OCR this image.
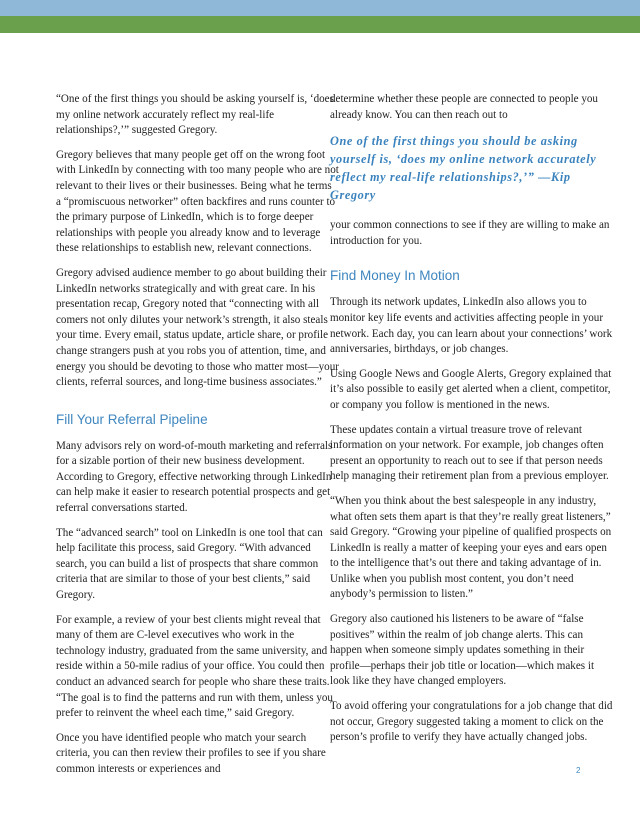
“One of the first things you should be asking yourself is, ‘does my online network accurately reflect my real-life relationships?,’” suggested Gregory.

Gregory believes that many people get off on the wrong foot with LinkedIn by connecting with too many people who are not relevant to their lives or their businesses. Being what he terms a “promiscuous networker” often backfires and runs counter to the primary purpose of LinkedIn, which is to forge deeper relationships with people you already know and to leverage these relationships to establish new, relevant connections.

Gregory advised audience member to go about building their LinkedIn networks strategically and with great care. In his presentation recap, Gregory noted that “connecting with all comers not only dilutes your network’s strength, it also steals your time. Every email, status update, article share, or profile change strangers push at you robs you of attention, time, and energy you should be devoting to those who matter most—your clients, referral sources, and long-time business associates.”

Fill Your Referral Pipeline

Many advisors rely on word-of-mouth marketing and referrals for a sizable portion of their new business development. According to Gregory, effective networking through LinkedIn can help make it easier to research potential prospects and get referral conversations started.

The “advanced search” tool on LinkedIn is one tool that can help facilitate this process, said Gregory. “With advanced search, you can build a list of prospects that share common criteria that are similar to those of your best clients,” said Gregory.

For example, a review of your best clients might reveal that many of them are C-level executives who work in the technology industry, graduated from the same university, and reside within a 50-mile radius of your office. You could then conduct an advanced search for people who share these traits. “The goal is to find the patterns and run with them, unless you prefer to reinvent the wheel each time,” said Gregory.

Once you have identified people who match your search criteria, you can then review their profiles to see if you share common interests or experiences and

determine whether these people are connected to people you already know. You can then reach out to

One of the first things you should be asking yourself is, ‘does my online network accurately reflect my real-life relationships?,’” —Kip Gregory

your common connections to see if they are willing to make an introduction for you.

Find Money In Motion

Through its network updates, LinkedIn also allows you to monitor key life events and activities affecting people in your network. Each day, you can learn about your connections’ work anniversaries, birthdays, or job changes.

Using Google News and Google Alerts, Gregory explained that it’s also possible to easily get alerted when a client, competitor, or company you follow is mentioned in the news.

These updates contain a virtual treasure trove of relevant information on your network. For example, job changes often present an opportunity to reach out to see if that person needs help managing their retirement plan from a previous employer.

“When you think about the best salespeople in any industry, what often sets them apart is that they’re really great listeners,” said Gregory. “Growing your pipeline of qualified prospects on LinkedIn is really a matter of keeping your eyes and ears open to the intelligence that’s out there and taking advantage of in. Unlike when you publish most content, you don’t need anybody’s permission to listen.”

Gregory also cautioned his listeners to be aware of “false positives” within the realm of job change alerts. This can happen when someone simply updates something in their profile—perhaps their job title or location—which makes it look like they have changed employers.

To avoid offering your congratulations for a job change that did not occur, Gregory suggested taking a moment to click on the person’s profile to verify they have actually changed jobs.

2
